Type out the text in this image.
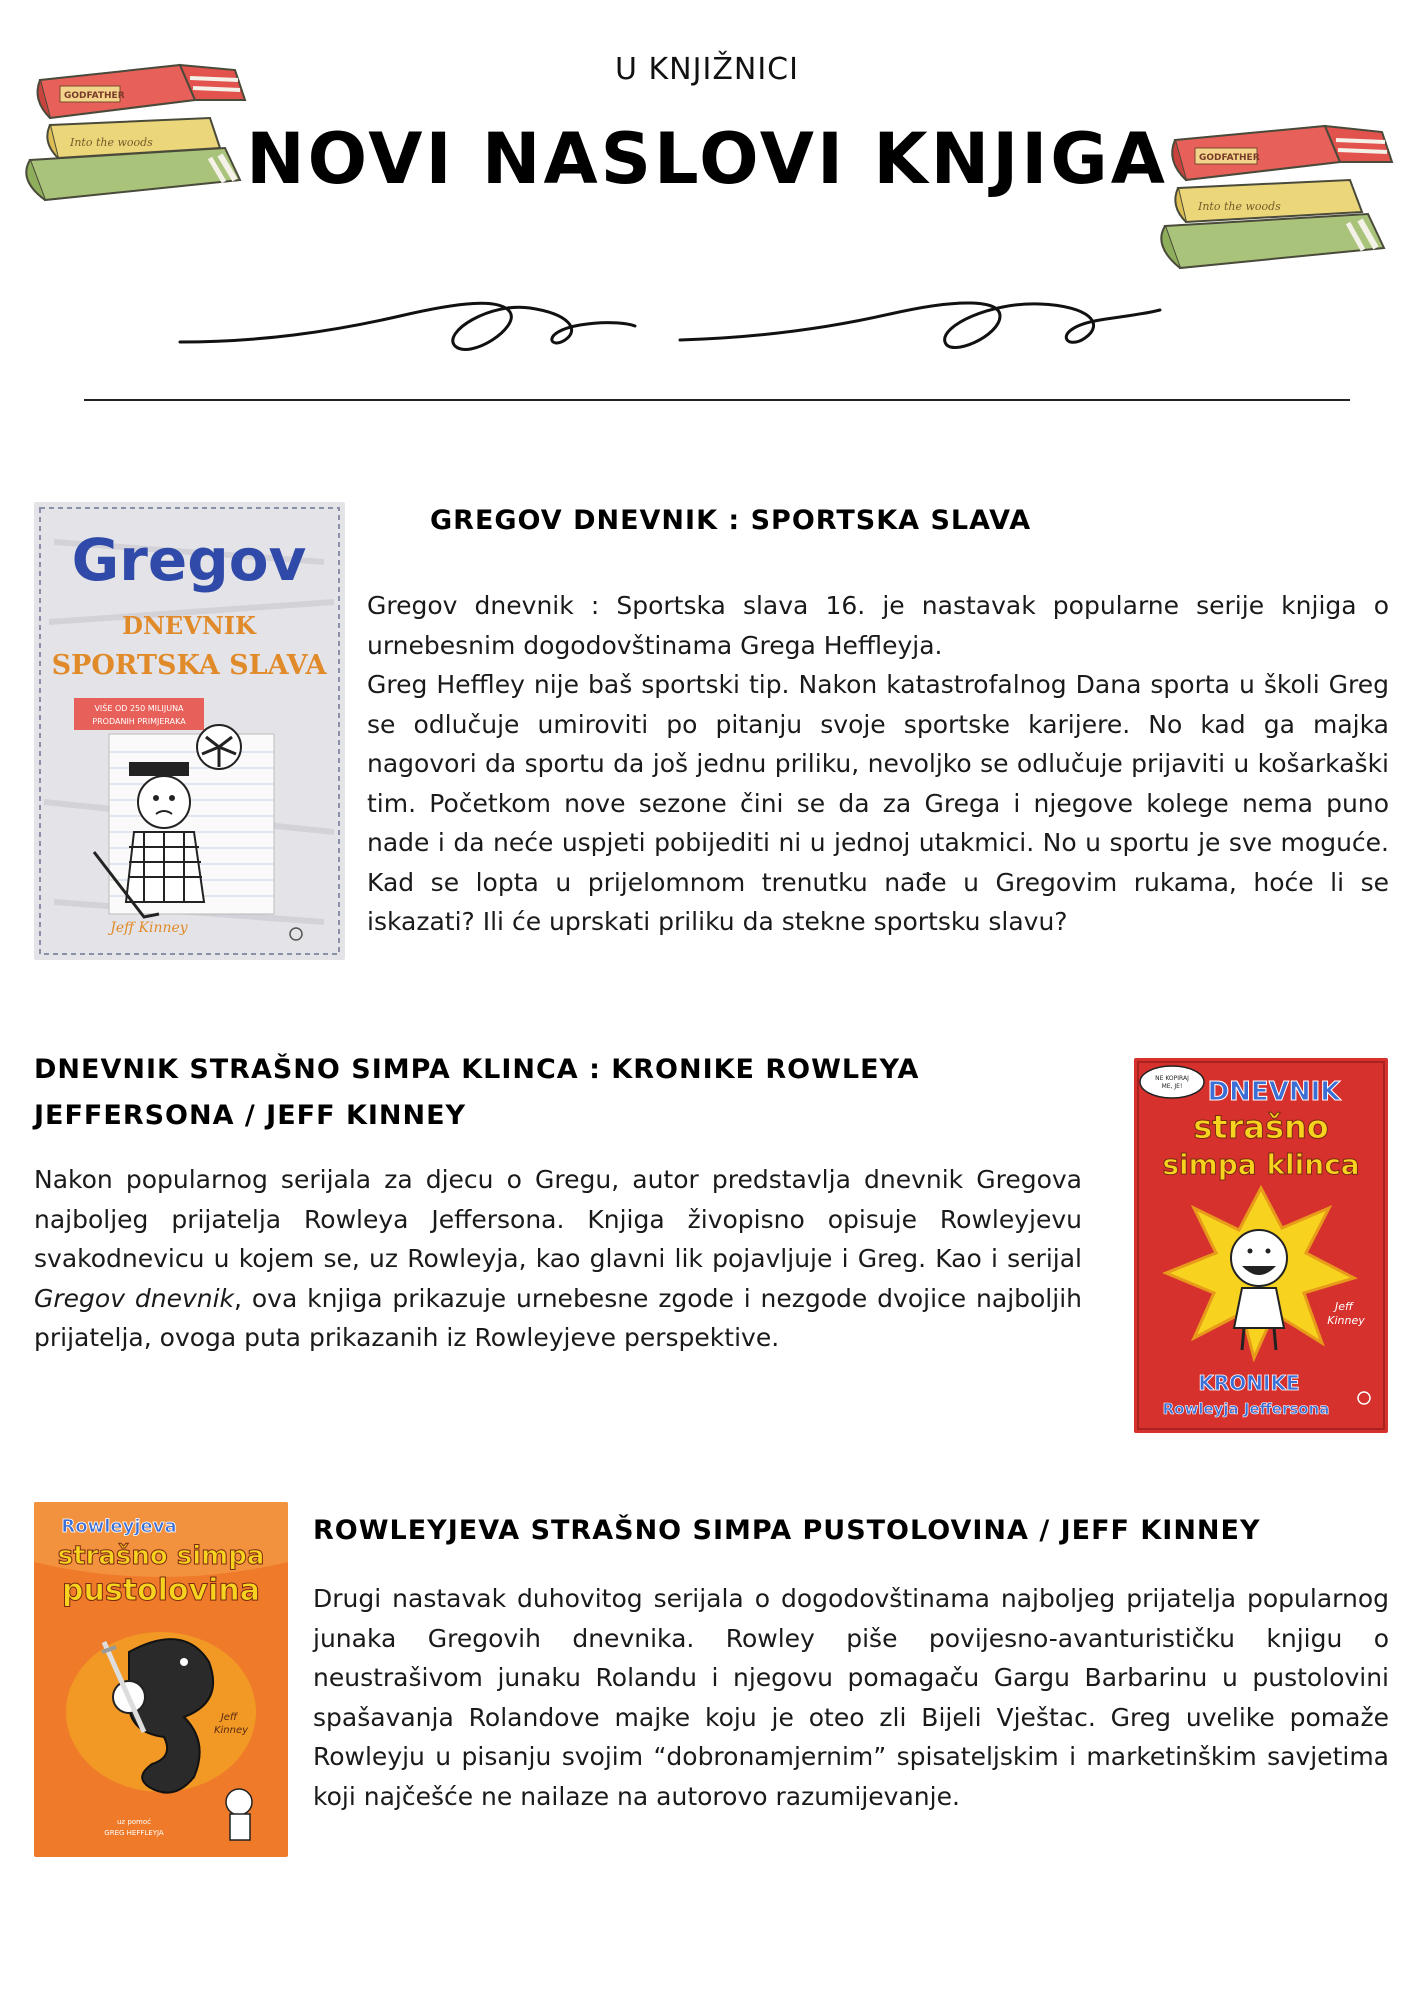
Into the woods
GODFATHER
Into the woods
GODFATHER
U KNJIŽNICI
NOVI NASLOVI KNJIGA
Gregov
DNEVNIK
SPORTSKA SLAVA
VIŠE OD 250 MILIJUNA
PRODANIH PRIMJERAKA
Jeff Kinney
GREGOV DNEVNIK : SPORTSKA SLAVA

Gregov dnevnik : Sportska slava 16. je nastavak popularne serije knjiga o urnebesnim dogodovštinama Grega Heffleyja.

Greg Heffley nije baš sportski tip. Nakon katastrofalnog Dana sporta u školi Greg se odlučuje umiroviti po pitanju svoje sportske karijere. No kad ga majka nagovori da sportu da još jednu priliku, nevoljko se odlučuje prijaviti u košarkaški tim. Početkom nove sezone čini se da za Grega i njegove kolege nema puno nade i da neće uspjeti pobijediti ni u jednoj utakmici. No u sportu je sve moguće. Kad se lopta u prijelomnom trenutku nađe u Gregovim rukama, hoće li se iskazati? Ili će uprskati priliku da stekne sportsku slavu?

DNEVNIK STRAŠNO SIMPA KLINCA : KRONIKE ROWLEYA JEFFERSONA / JEFF KINNEY

Nakon popularnog serijala za djecu o Gregu, autor predstavlja dnevnik Gregova najboljeg prijatelja Rowleya Jeffersona. Knjiga živopisno opisuje Rowleyjevu svakodnevicu u kojem se, uz Rowleyja, kao glavni lik pojavljuje i Greg. Kao i serijal Gregov dnevnik, ova knjiga prikazuje urnebesne zgode i nezgode dvojice najboljih prijatelja, ovoga puta prikazanih iz Rowleyjeve perspektive.

NE KOPIRAJ
ME, JE! DNEVNIK
strašno
simpa klinca
Jeff
Kinney
KRONIKE
Rowleyja Jeffersona
Rowleyjeva
strašno simpa
pustolovina
Jeff
Kinney
uz pomoć
GREG HEFFLEYJA
ROWLEYJEVA STRAŠNO SIMPA PUSTOLOVINA / JEFF KINNEY

Drugi nastavak duhovitog serijala o dogodovštinama najboljeg prijatelja popularnog junaka Gregovih dnevnika. Rowley piše povijesno-avanturističku knjigu o neustrašivom junaku Rolandu i njegovu pomagaču Gargu Barbarinu u pustolovini spašavanja Rolandove majke koju je oteo zli Bijeli Vještac. Greg uvelike pomaže Rowleyju u pisanju svojim “dobronamjernim” spisateljskim i marketinškim savjetima koji najčešće ne nailaze na autorovo razumijevanje.
